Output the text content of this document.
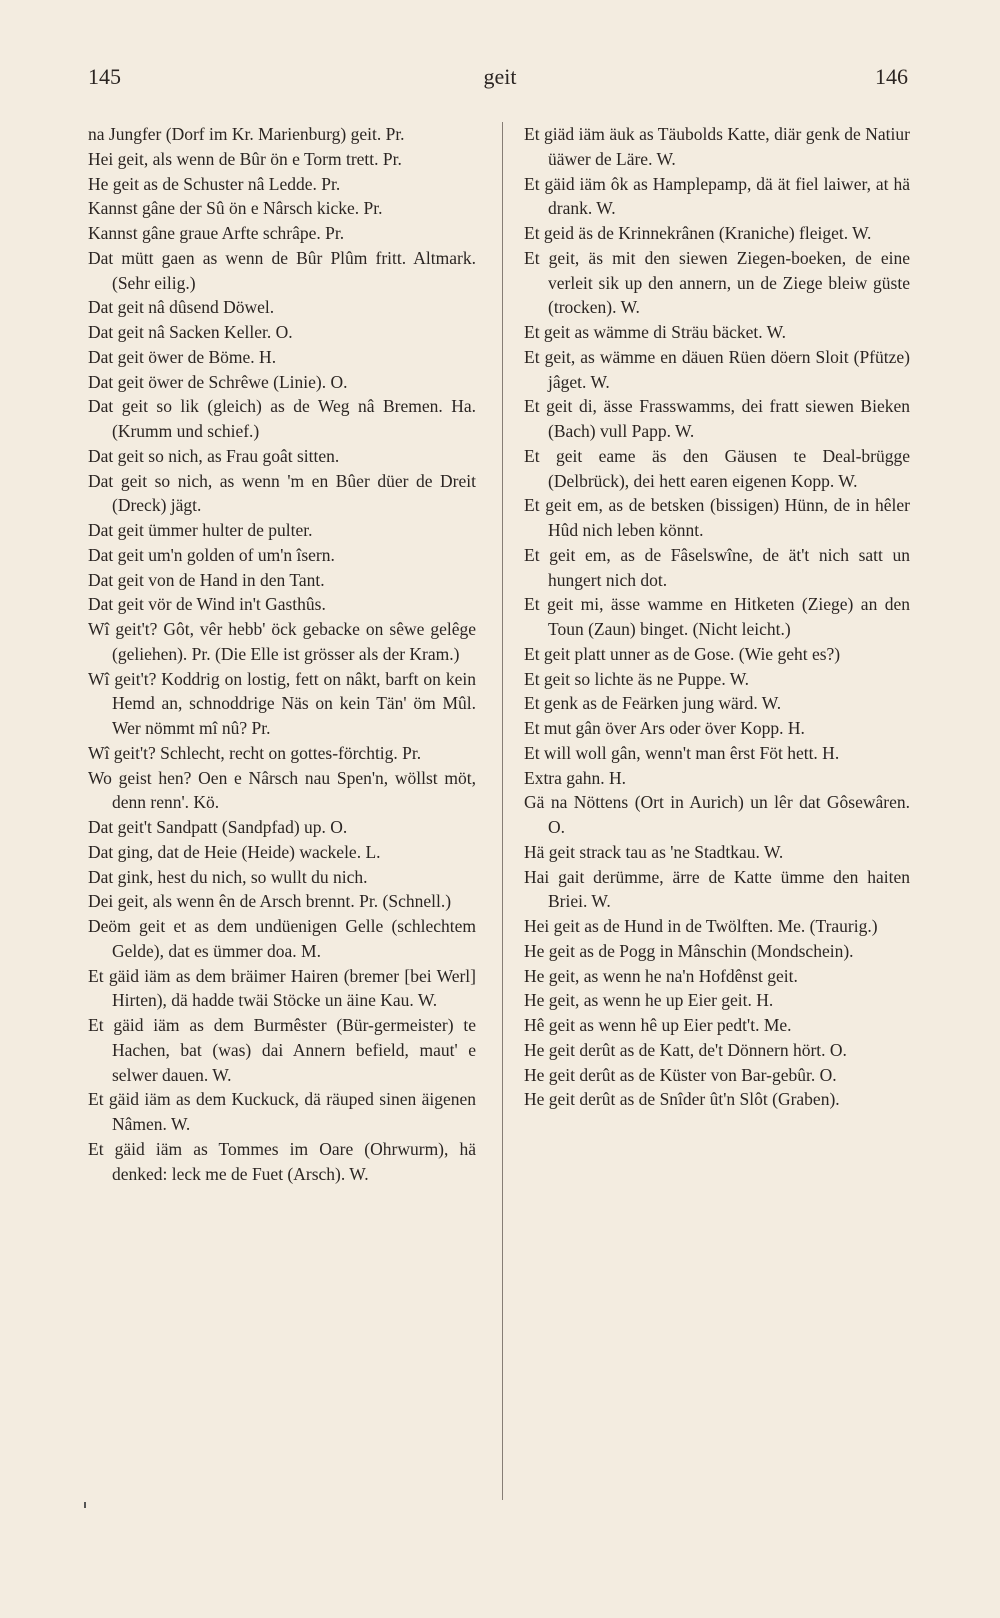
145	geit	146

na Jungfer (Dorf im Kr. Marienburg) geit. Pr.

Hei geit, als wenn de Bûr ön e Torm trett. Pr.

He geit as de Schuster nâ Ledde. Pr.

Kannst gâne der Sû ön e Nârsch kicke. Pr.

Kannst gâne graue Arfte schrâpe. Pr.

Dat mütt gaen as wenn de Bûr Plûm fritt. Altmark. (Sehr eilig.)

Dat geit nâ dûsend Döwel.

Dat geit nâ Sacken Keller. O.

Dat geit öwer de Böme. H.

Dat geit öwer de Schrêwe (Linie). O.

Dat geit so lik (gleich) as de Weg nâ Bremen. Ha. (Krumm und schief.)

Dat geit so nich, as Frau goât sitten.

Dat geit so nich, as wenn 'm en Bûer düer de Dreit (Dreck) jägt.

Dat geit ümmer hulter de pulter.

Dat geit um'n golden of um'n îsern.

Dat geit von de Hand in den Tant.

Dat geit vör de Wind in't Gasthûs.

Wî geit't? Gôt, vêr hebb' öck gebacke on sêwe gelêge (geliehen). Pr. (Die Elle ist grösser als der Kram.)

Wî geit't? Koddrig on lostig, fett on nâkt, barft on kein Hemd an, schnoddrige Näs on kein Tän' öm Mûl. Wer nömmt mî nû? Pr.

Wî geit't? Schlecht, recht on gottes-förchtig. Pr.

Wo geist hen? Oen e Nârsch nau Spen'n, wöllst möt, denn renn'. Kö.

Dat geit't Sandpatt (Sandpfad) up. O.

Dat ging, dat de Heie (Heide) wackele. L.

Dat gink, hest du nich, so wullt du nich.

Dei geit, als wenn ên de Arsch brennt. Pr. (Schnell.)

Deöm geit et as dem undüenigen Gelle (schlechtem Gelde), dat es ümmer doa. M.

Et gäid iäm as dem bräimer Hairen (bremer [bei Werl] Hirten), dä hadde twäi Stöcke un äine Kau. W.

Et gäid iäm as dem Burmêster (Bür-germeister) te Hachen, bat (was) dai Annern befield, maut' e selwer dauen. W.

Et gäid iäm as dem Kuckuck, dä räuped sinen äigenen Nâmen. W.

Et gäid iäm as Tommes im Oare (Ohrwurm), hä denked: leck me de Fuet (Arsch). W.

Et giäd iäm äuk as Täubolds Katte, diär genk de Natiur üäwer de Läre. W.

Et gäid iäm ôk as Hamplepamp, dä ät fiel laiwer, at hä drank. W.

Et geid äs de Krinnekrânen (Kraniche) fleiget. W.

Et geit, äs mit den siewen Ziegen-boeken, de eine verleit sik up den annern, un de Ziege bleiw güste (trocken). W.

Et geit as wämme di Sträu bäcket. W.

Et geit, as wämme en däuen Rüen döern Sloit (Pfütze) jâget. W.

Et geit di, ässe Frasswamms, dei fratt siewen Bieken (Bach) vull Papp. W.

Et geit eame äs den Gäusen te Deal-brügge (Delbrück), dei hett earen eigenen Kopp. W.

Et geit em, as de betsken (bissigen) Hünn, de in hêler Hûd nich leben könnt.

Et geit em, as de Fâselswîne, de ät't nich satt un hungert nich dot.

Et geit mi, ässe wamme en Hitketen (Ziege) an den Toun (Zaun) binget. (Nicht leicht.)

Et geit platt unner as de Gose. (Wie geht es?)

Et geit so lichte äs ne Puppe. W.

Et genk as de Feärken jung wärd. W.

Et mut gân över Ars oder över Kopp. H.

Et will woll gân, wenn't man êrst Föt hett. H.

Extra gahn. H.

Gä na Nöttens (Ort in Aurich) un lêr dat Gôsewâren. O.

Hä geit strack tau as 'ne Stadtkau. W.

Hai gait derümme, ärre de Katte ümme den haiten Briei. W.

Hei geit as de Hund in de Twölften. Me. (Traurig.)

He geit as de Pogg in Mânschin (Mondschein).

He geit, as wenn he na'n Hofdênst geit.

He geit, as wenn he up Eier geit. H.

Hê geit as wenn hê up Eier pedt't. Me.

He geit derût as de Katt, de't Dönnern hört. O.

He geit derût as de Küster von Bar-gebûr. O.

He geit derût as de Snîder ût'n Slôt (Graben).
